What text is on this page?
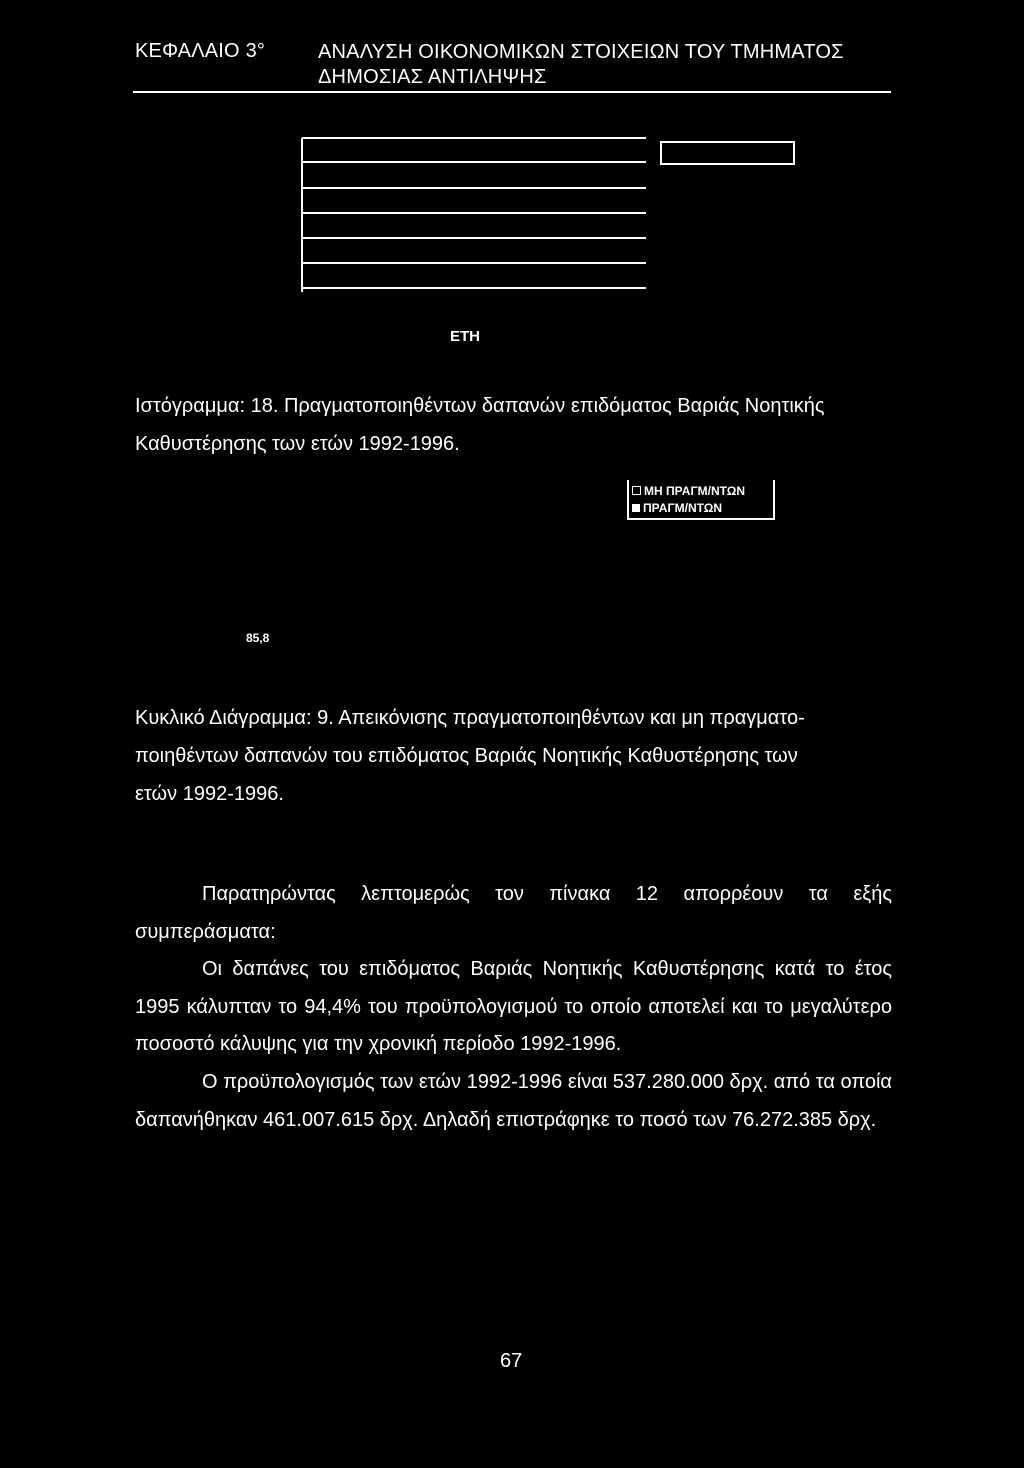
ΚΕΦΑΛΑΙΟ 3°	ΑΝΑΛΥΣΗ ΟΙΚΟΝΟΜΙΚΩΝ ΣΤΟΙΧΕΙΩΝ ΤΟΥ ΤΜΗΜΑΤΟΣ
ΔΗΜΟΣΙΑΣ ΑΝΤΙΛΗΨΗΣ
ΕΤΗ
Ιστόγραμμα: 18. Πραγματοποιηθέντων δαπανών επιδόματος Βαριάς Νοητικής
Καθυστέρησης των ετών 1992-1996.
ΜΗ ΠΡΑΓΜ/ΝΤΩΝ
ΠΡΑΓΜ/ΝΤΩΝ
85,8
Κυκλικό Διάγραμμα: 9. Απεικόνισης πραγματοποιηθέντων και μη πραγματο-
ποιηθέντων δαπανών του επιδόματος Βαριάς Νοητικής Καθυστέρησης των
ετών 1992-1996.
Παρατηρώντας λεπτομερώς τον πίνακα 12 απορρέουν τα εξής συμπεράσματα:
Οι δαπάνες του επιδόματος Βαριάς Νοητικής Καθυστέρησης κατά το έτος 1995 κάλυπταν το 94,4% του προϋπολογισμού το οποίο αποτελεί και το μεγαλύτερο ποσοστό κάλυψης για την χρονική περίοδο 1992-1996.
Ο προϋπολογισμός των ετών 1992-1996 είναι 537.280.000 δρχ. από τα οποία δαπανήθηκαν 461.007.615 δρχ. Δηλαδή επιστράφηκε το ποσό των 76.272.385 δρχ.
67
